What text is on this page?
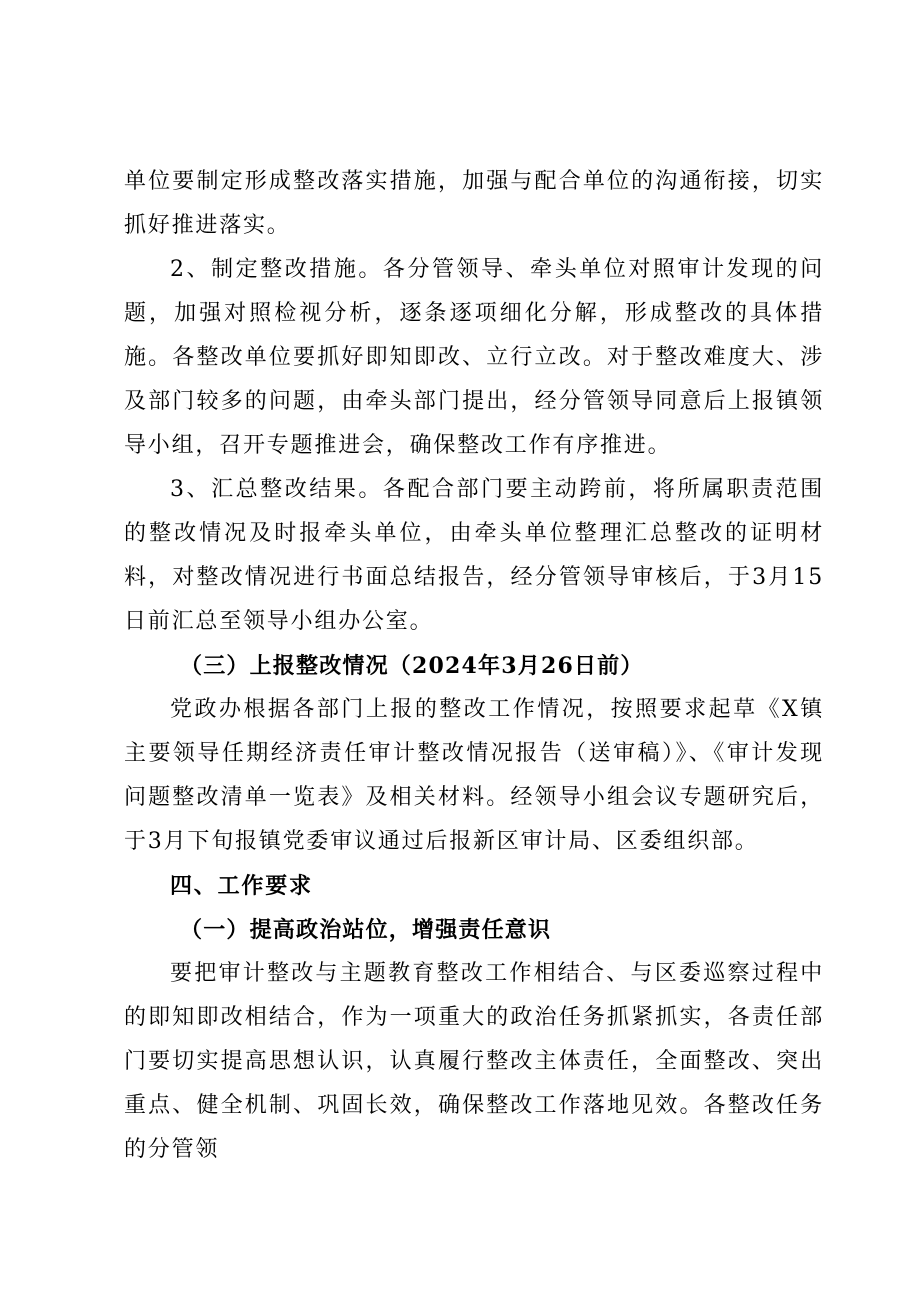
单位要制定形成整改落实措施，加强与配合单位的沟通衔接，切实抓好推进落实。

2、制定整改措施。各分管领导、牵头单位对照审计发现的问题，加强对照检视分析，逐条逐项细化分解，形成整改的具体措施。各整改单位要抓好即知即改、立行立改。对于整改难度大、涉及部门较多的问题，由牵头部门提出，经分管领导同意后上报镇领导小组，召开专题推进会，确保整改工作有序推进。

3、汇总整改结果。各配合部门要主动跨前，将所属职责范围的整改情况及时报牵头单位，由牵头单位整理汇总整改的证明材料，对整改情况进行书面总结报告，经分管领导审核后，于3月15日前汇总至领导小组办公室。

（三）上报整改情况（2024年3月26日前）

党政办根据各部门上报的整改工作情况，按照要求起草《X镇主要领导任期经济责任审计整改情况报告（送审稿）》、《审计发现问题整改清单一览表》及相关材料。经领导小组会议专题研究后，于3月下旬报镇党委审议通过后报新区审计局、区委组织部。

四、工作要求

（一）提高政治站位，增强责任意识

要把审计整改与主题教育整改工作相结合、与区委巡察过程中的即知即改相结合，作为一项重大的政治任务抓紧抓实，各责任部门要切实提高思想认识，认真履行整改主体责任，全面整改、突出重点、健全机制、巩固长效，确保整改工作落地见效。各整改任务的分管领
